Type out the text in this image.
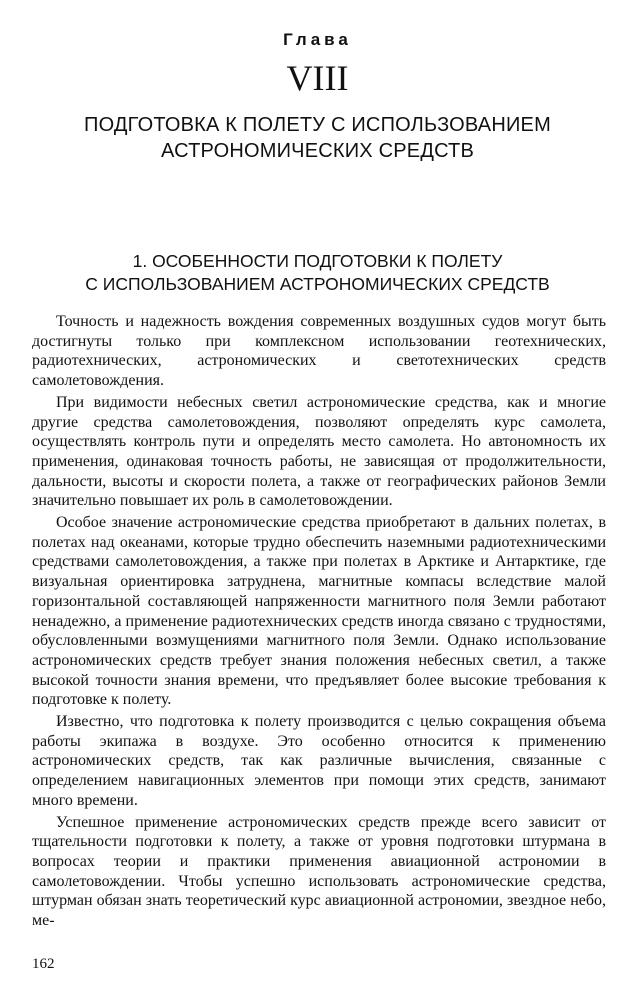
Глава
VIII
ПОДГОТОВКА К ПОЛЕТУ С ИСПОЛЬЗОВАНИЕМ
АСТРОНОМИЧЕСКИХ СРЕДСТВ
1. ОСОБЕННОСТИ ПОДГОТОВКИ К ПОЛЕТУ
С ИСПОЛЬЗОВАНИЕМ АСТРОНОМИЧЕСКИХ СРЕДСТВ

Точность и надежность вождения современных воздушных судов могут быть достигнуты только при комплексном использовании геотехнических, радиотехнических, астрономических и светотехнических средств самолетовождения.

При видимости небесных светил астрономические средства, как и многие другие средства самолетовождения, позволяют определять курс самолета, осуществлять контроль пути и определять место самолета. Но автономность их применения, одинаковая точность работы, не зависящая от продолжительности, дальности, высоты и скорости полета, а также от географических районов Земли значительно повышает их роль в самолетовождении.

Особое значение астрономические средства приобретают в дальних полетах, в полетах над океанами, которые трудно обеспечить наземными радиотехническими средствами самолетовождения, а также при полетах в Арктике и Антарктике, где визуальная ориентировка затруднена, магнитные компасы вследствие малой горизонтальной составляющей напряженности магнитного поля Земли работают ненадежно, а применение радиотехнических средств иногда связано с трудностями, обусловленными возмущениями магнитного поля Земли. Однако использование астрономических средств требует знания положения небесных светил, а также высокой точности знания времени, что предъявляет более высокие требования к подготовке к полету.

Известно, что подготовка к полету производится с целью сокращения объема работы экипажа в воздухе. Это особенно относится к применению астрономических средств, так как различные вычисления, связанные с определением навигационных элементов при помощи этих средств, занимают много времени.

Успешное применение астрономических средств прежде всего зависит от тщательности подготовки к полету, а также от уровня подготовки штурмана в вопросах теории и практики применения авиационной астрономии в самолетовождении. Чтобы успешно использовать астрономические средства, штурман обязан знать теоретический курс авиационной астрономии, звездное небо, ме-

162
